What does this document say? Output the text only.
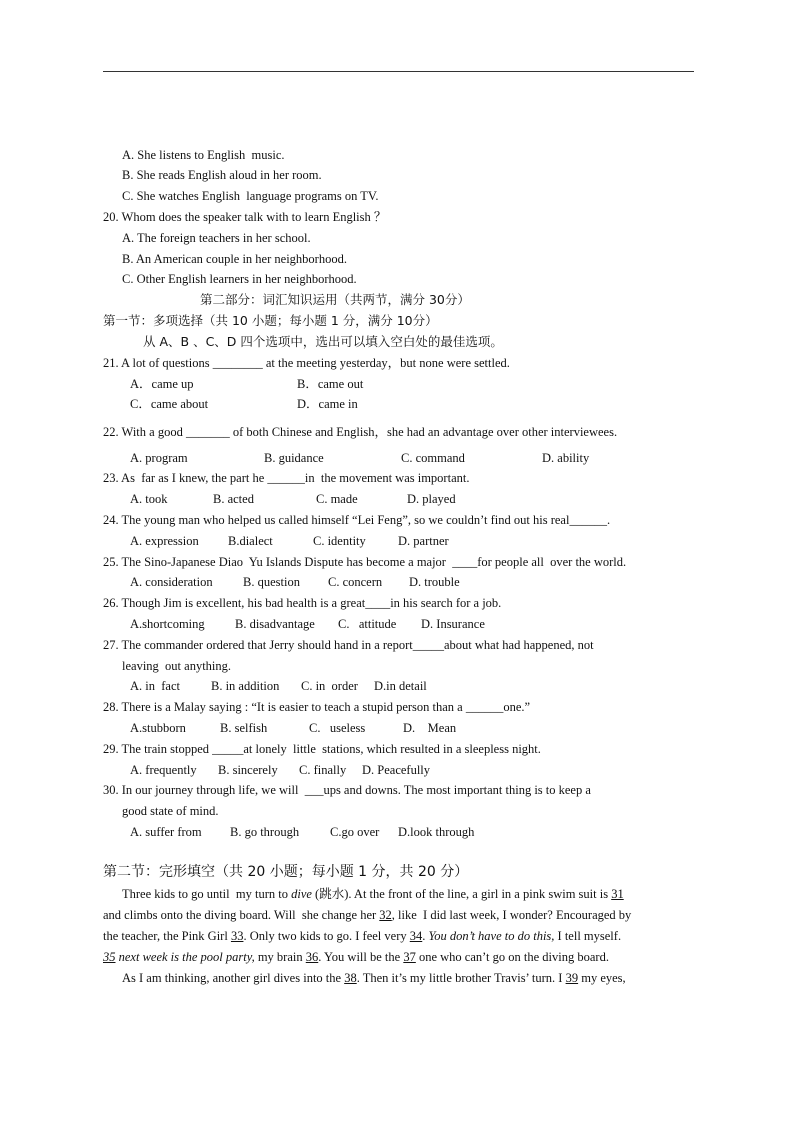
A. She listens to English  music.
B. She reads English aloud in her room.
C. She watches English  language programs on TV.
20. Whom does the speaker talk with to learn English ？
A. The foreign teachers in her school.
B. An American couple in her neighborhood.
C. Other English learners in her neighborhood.
第二部分：词汇知识运用（共两节，满分 30分）
第一节：多项选择（共 10 小题；每小题 1 分，满分 10分）
从 A、B 、C、D 四个选项中，选出可以填入空白处的最佳选项。
21. A lot of questions ________ at the meeting yesterday，but none were settled.
A．came up	B．came out
C．came about	D．came in
22. With a good _______ of both Chinese and English，she had an advantage over other interviewees.
A. program	B. guidance	C. command	D. ability
23. As  far as I knew, the part he ______in  the movement was important.
A. took	B. acted	C. made	D. played
24. The young man who helped us called himself “Lei Feng”, so we couldn’t find out his real______.
A. expression B.dialect	C. identity	D. partner
25. The Sino-Japanese Diao  Yu Islands Dispute has become a major  ____for people all  over the world.
A. consideration B. question C. concern D. trouble
26. Though Jim is excellent, his bad health is a great____in his search for a job.
A.shortcoming B. disadvantage C.   attitude D. Insurance
27. The commander ordered that Jerry should hand in a report_____about what had happened, not
leaving  out anything.
A. in  fact B. in addition C. in  order D.in detail
28. There is a Malay saying : “It is easier to teach a stupid person than a ______one.”
A.stubborn	B. selfish	C.   useless	D.    Mean
29. The train stopped _____at lonely  little  stations, which resulted in a sleepless night.
A. frequently B. sincerely C. finally D. Peacefully
30. In our journey through life, we will  ___ups and downs. The most important thing is to keep a
good state of mind.
A. suffer from B. go through C.go over D.look through
第二节：完形填空（共 20 小题；每小题 1 分，共 20 分）
Three kids to go until  my turn to dive (跳水). At the front of the line, a girl in a pink swim suit is 31
and climbs onto the diving board. Will  she change her 32, like  I did last week, I wonder? Encouraged by
the teacher, the Pink Girl 33. Only two kids to go. I feel very 34. You don’t have to do this, I tell myself.
35 next week is the pool party, my brain 36. You will be the 37 one who can’t go on the diving board.
As I am thinking, another girl dives into the 38. Then it’s my little brother Travis’ turn. I 39 my eyes,
